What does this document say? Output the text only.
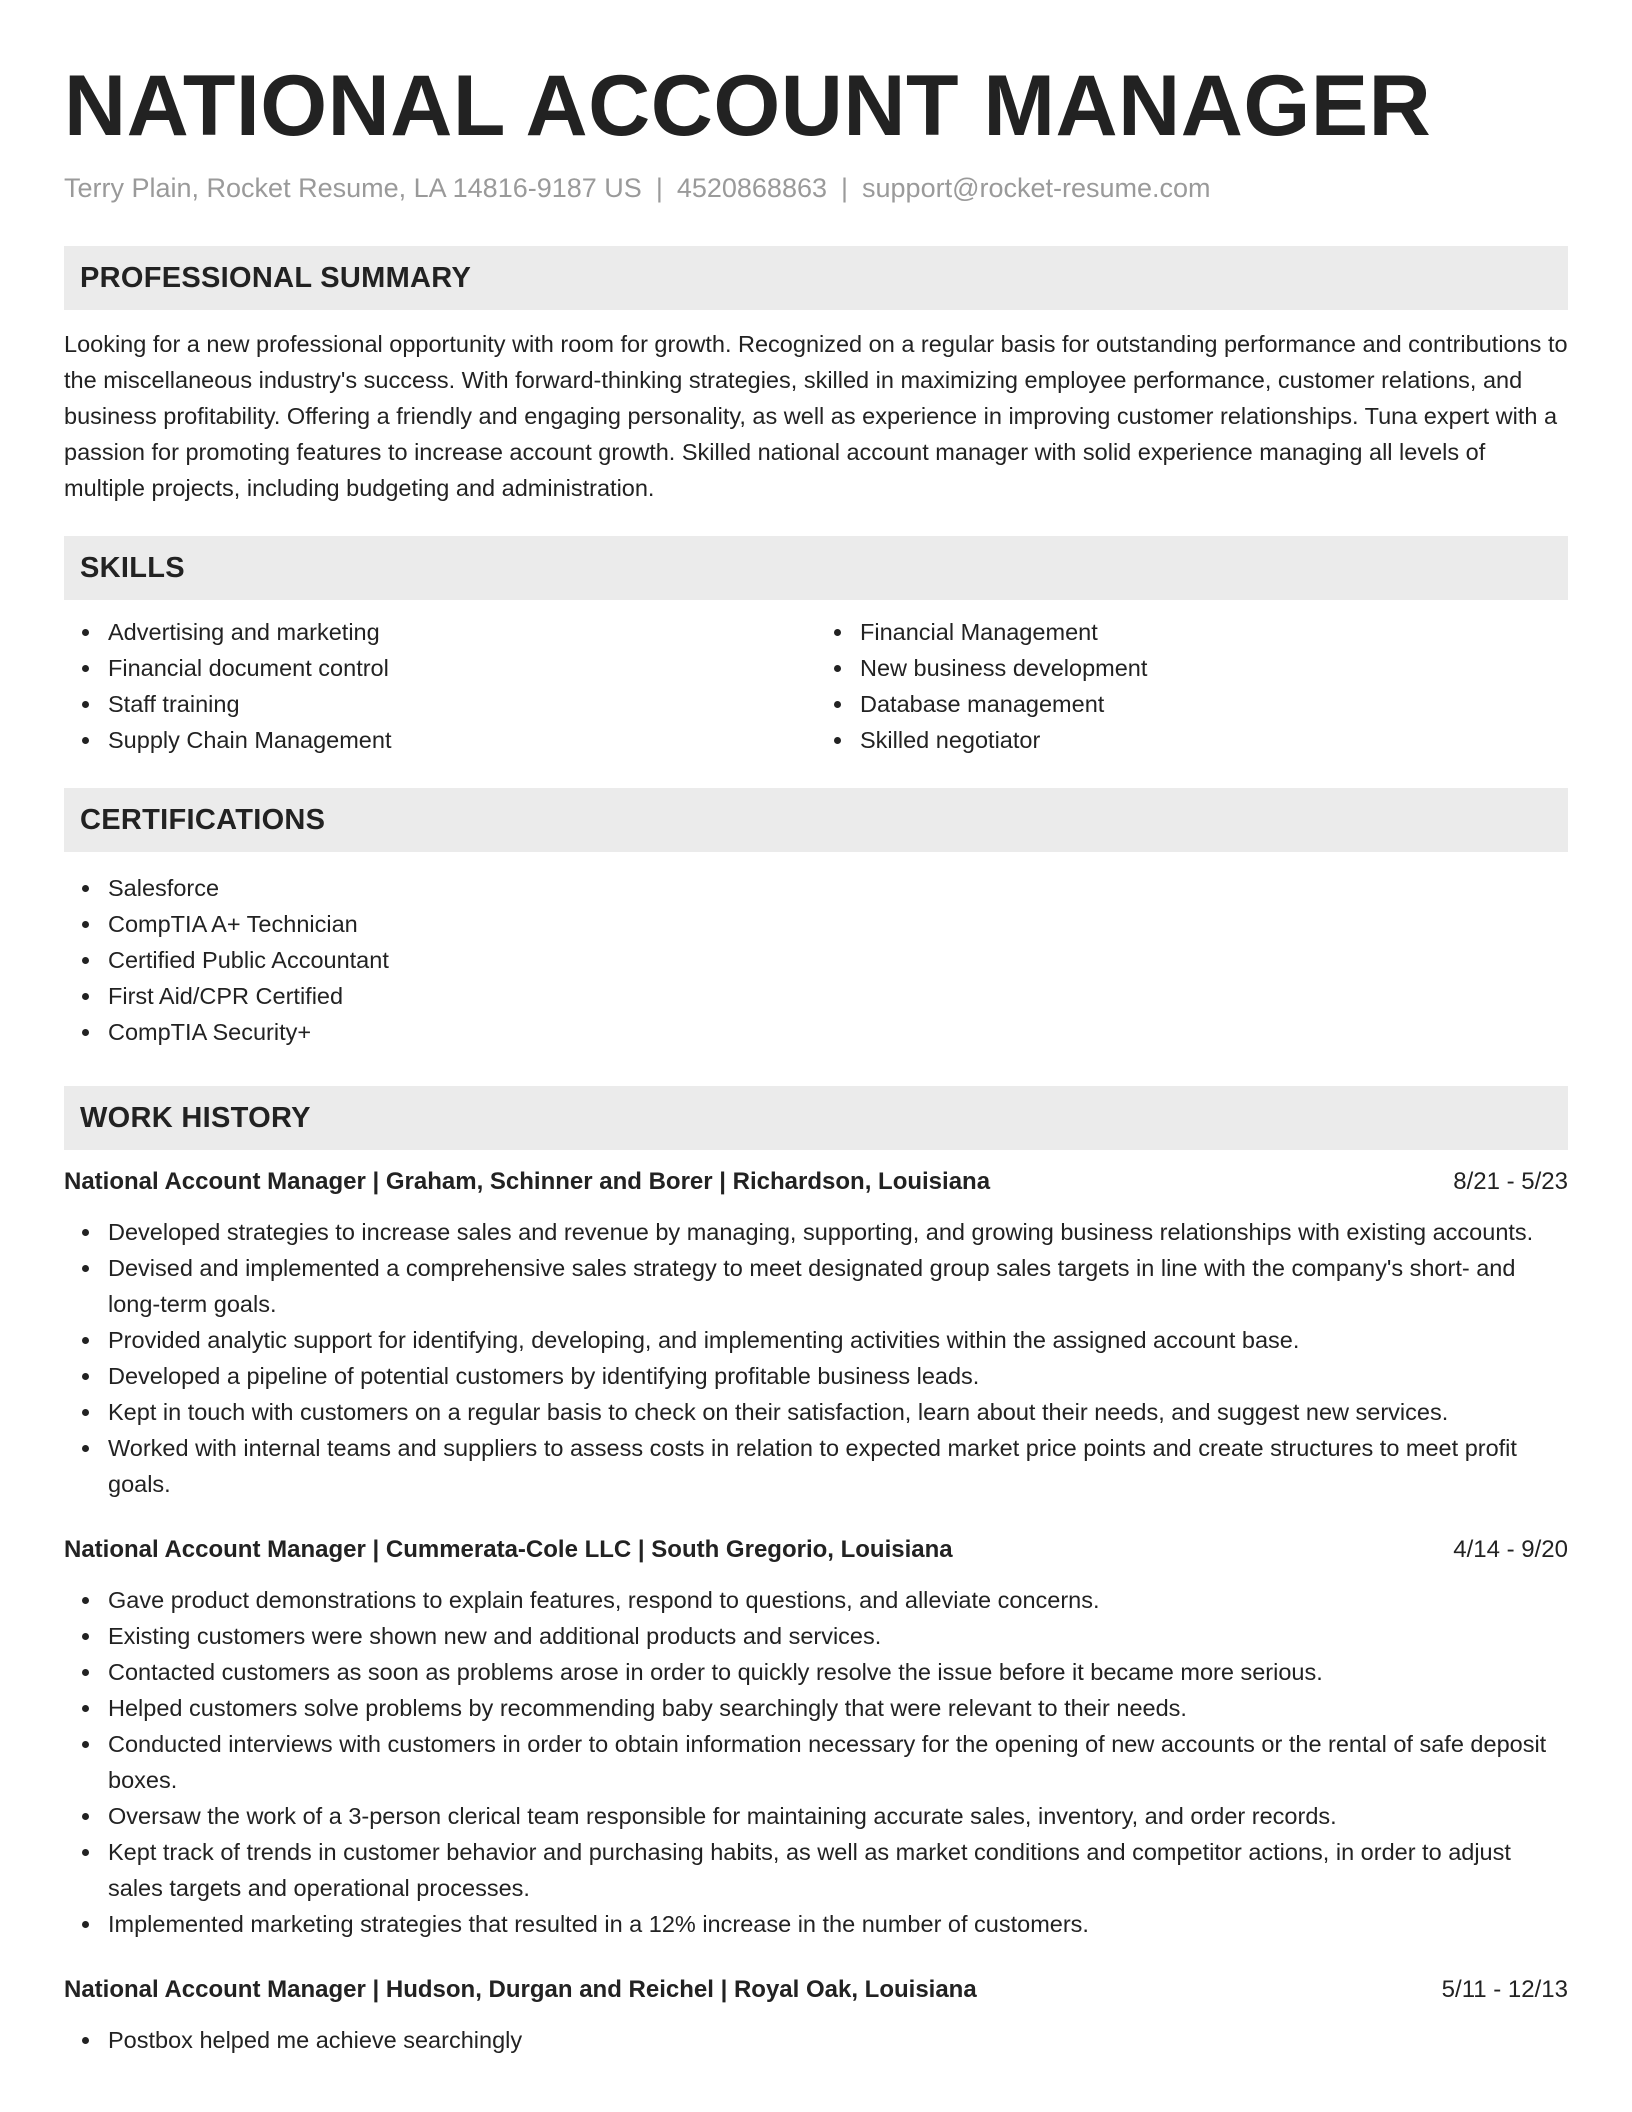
NATIONAL ACCOUNT MANAGER
Terry Plain, Rocket Resume, LA 14816-9187 US | 4520868863 | support@rocket-resume.com
PROFESSIONAL SUMMARY

Looking for a new professional opportunity with room for growth. Recognized on a regular basis for outstanding performance and contributions to the miscellaneous industry's success. With forward-thinking strategies, skilled in maximizing employee performance, customer relations, and business profitability. Offering a friendly and engaging personality, as well as experience in improving customer relationships. Tuna expert with a passion for promoting features to increase account growth. Skilled national account manager with solid experience managing all levels of multiple projects, including budgeting and administration.

SKILLS
Advertising and marketing
Financial document control
Staff training
Supply Chain Management
Financial Management
New business development
Database management
Skilled negotiator
CERTIFICATIONS
Salesforce
CompTIA A+ Technician
Certified Public Accountant
First Aid/CPR Certified
CompTIA Security+
WORK HISTORY
National Account Manager | Graham, Schinner and Borer | Richardson, Louisiana	8/21 - 5/23
Developed strategies to increase sales and revenue by managing, supporting, and growing business relationships with existing accounts.
Devised and implemented a comprehensive sales strategy to meet designated group sales targets in line with the company's short- and long-term goals.
Provided analytic support for identifying, developing, and implementing activities within the assigned account base.
Developed a pipeline of potential customers by identifying profitable business leads.
Kept in touch with customers on a regular basis to check on their satisfaction, learn about their needs, and suggest new services.
Worked with internal teams and suppliers to assess costs in relation to expected market price points and create structures to meet profit goals.
National Account Manager | Cummerata-Cole LLC | South Gregorio, Louisiana	4/14 - 9/20
Gave product demonstrations to explain features, respond to questions, and alleviate concerns.
Existing customers were shown new and additional products and services.
Contacted customers as soon as problems arose in order to quickly resolve the issue before it became more serious.
Helped customers solve problems by recommending baby searchingly that were relevant to their needs.
Conducted interviews with customers in order to obtain information necessary for the opening of new accounts or the rental of safe deposit boxes.
Oversaw the work of a 3-person clerical team responsible for maintaining accurate sales, inventory, and order records.
Kept track of trends in customer behavior and purchasing habits, as well as market conditions and competitor actions, in order to adjust sales targets and operational processes.
Implemented marketing strategies that resulted in a 12% increase in the number of customers.
National Account Manager | Hudson, Durgan and Reichel | Royal Oak, Louisiana	5/11 - 12/13
Postbox helped me achieve searchingly
